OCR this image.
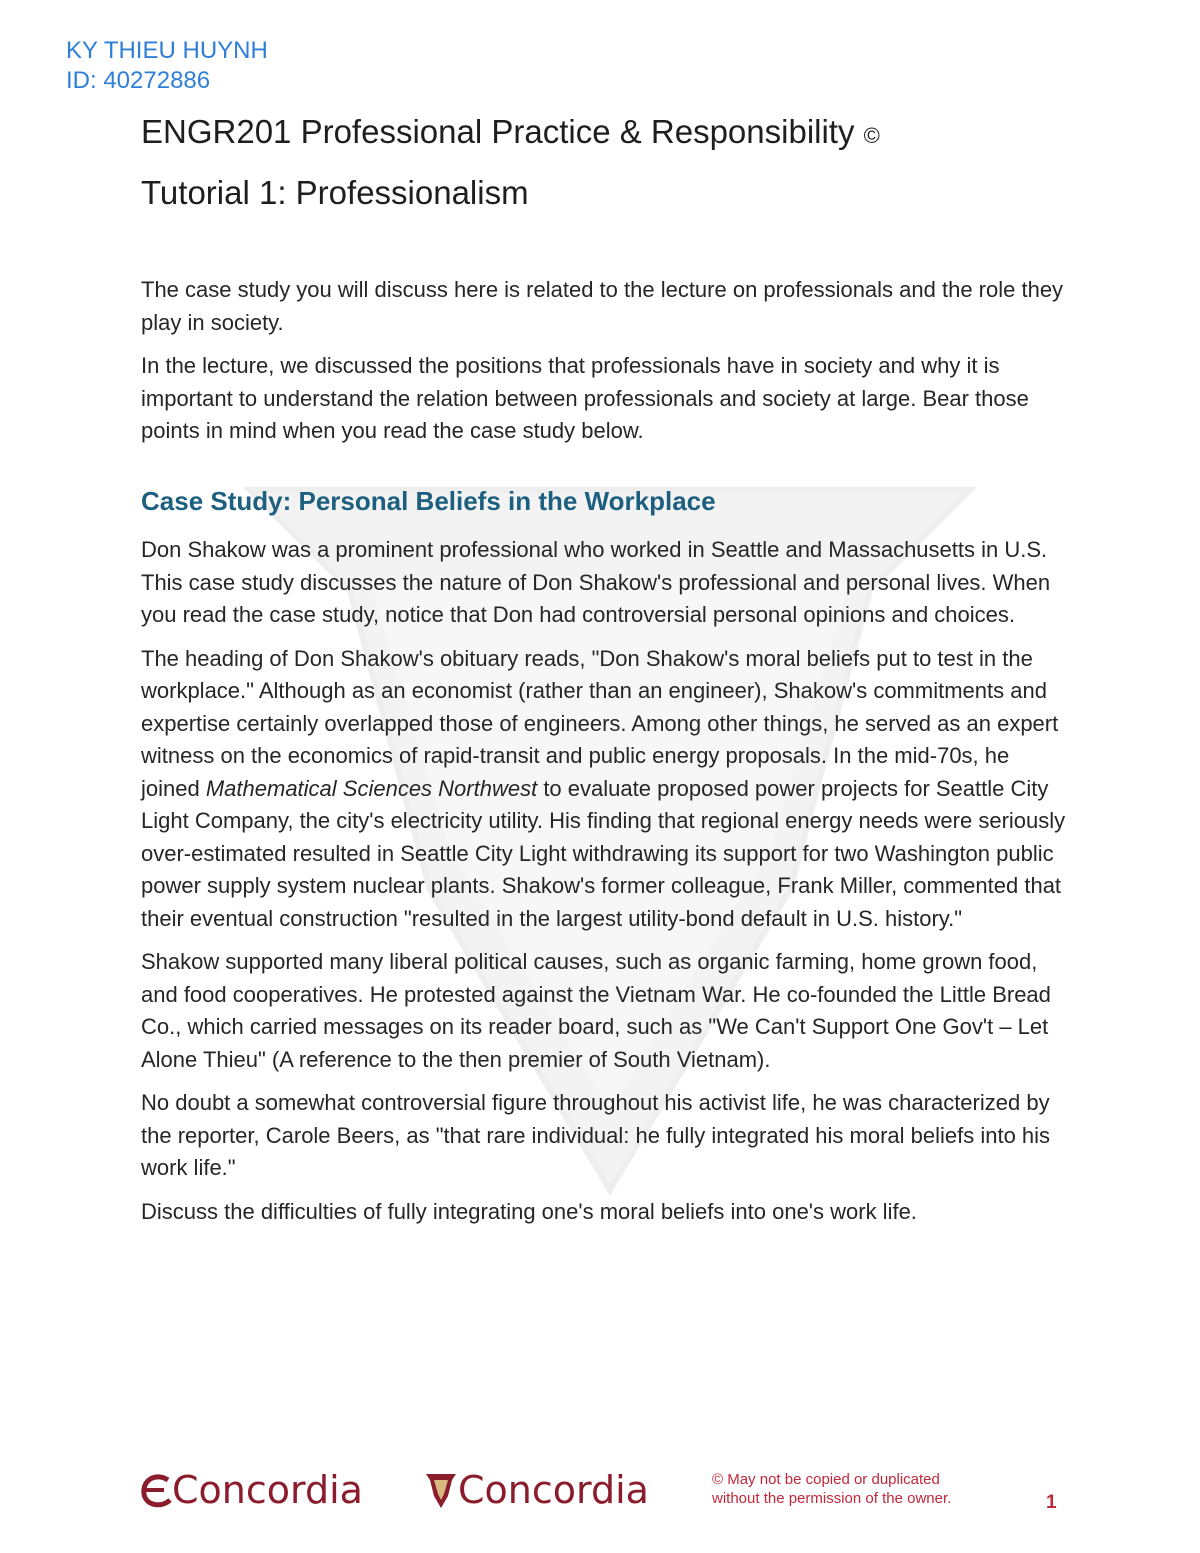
KY THIEU HUYNH
ID: 40272886
ENGR201 Professional Practice & Responsibility ©
Tutorial 1: Professionalism

The case study you will discuss here is related to the lecture on professionals and the role they play in society.

In the lecture, we discussed the positions that professionals have in society and why it is important to understand the relation between professionals and society at large. Bear those points in mind when you read the case study below.

Case Study: Personal Beliefs in the Workplace

Don Shakow was a prominent professional who worked in Seattle and Massachusetts in U.S. This case study discusses the nature of Don Shakow's professional and personal lives. When you read the case study, notice that Don had controversial personal opinions and choices.

The heading of Don Shakow's obituary reads, "Don Shakow's moral beliefs put to test in the workplace." Although as an economist (rather than an engineer), Shakow's commitments and expertise certainly overlapped those of engineers. Among other things, he served as an expert witness on the economics of rapid-transit and public energy proposals. In the mid-70s, he joined Mathematical Sciences Northwest to evaluate proposed power projects for Seattle City Light Company, the city's electricity utility. His finding that regional energy needs were seriously over-estimated resulted in Seattle City Light withdrawing its support for two Washington public power supply system nuclear plants. Shakow's former colleague, Frank Miller, commented that their eventual construction "resulted in the largest utility-bond default in U.S. history."

Shakow supported many liberal political causes, such as organic farming, home grown food, and food cooperatives. He protested against the Vietnam War. He co-founded the Little Bread Co., which carried messages on its reader board, such as "We Can't Support One Gov't – Let Alone Thieu" (A reference to the then premier of South Vietnam).

No doubt a somewhat controversial figure throughout his activist life, he was characterized by the reporter, Carole Beers, as "that rare individual: he fully integrated his moral beliefs into his work life."

Discuss the difficulties of fully integrating one's moral beliefs into one's work life.

Concordia	Concordia	© May not be copied or duplicated
without the permission of the owner.	1
